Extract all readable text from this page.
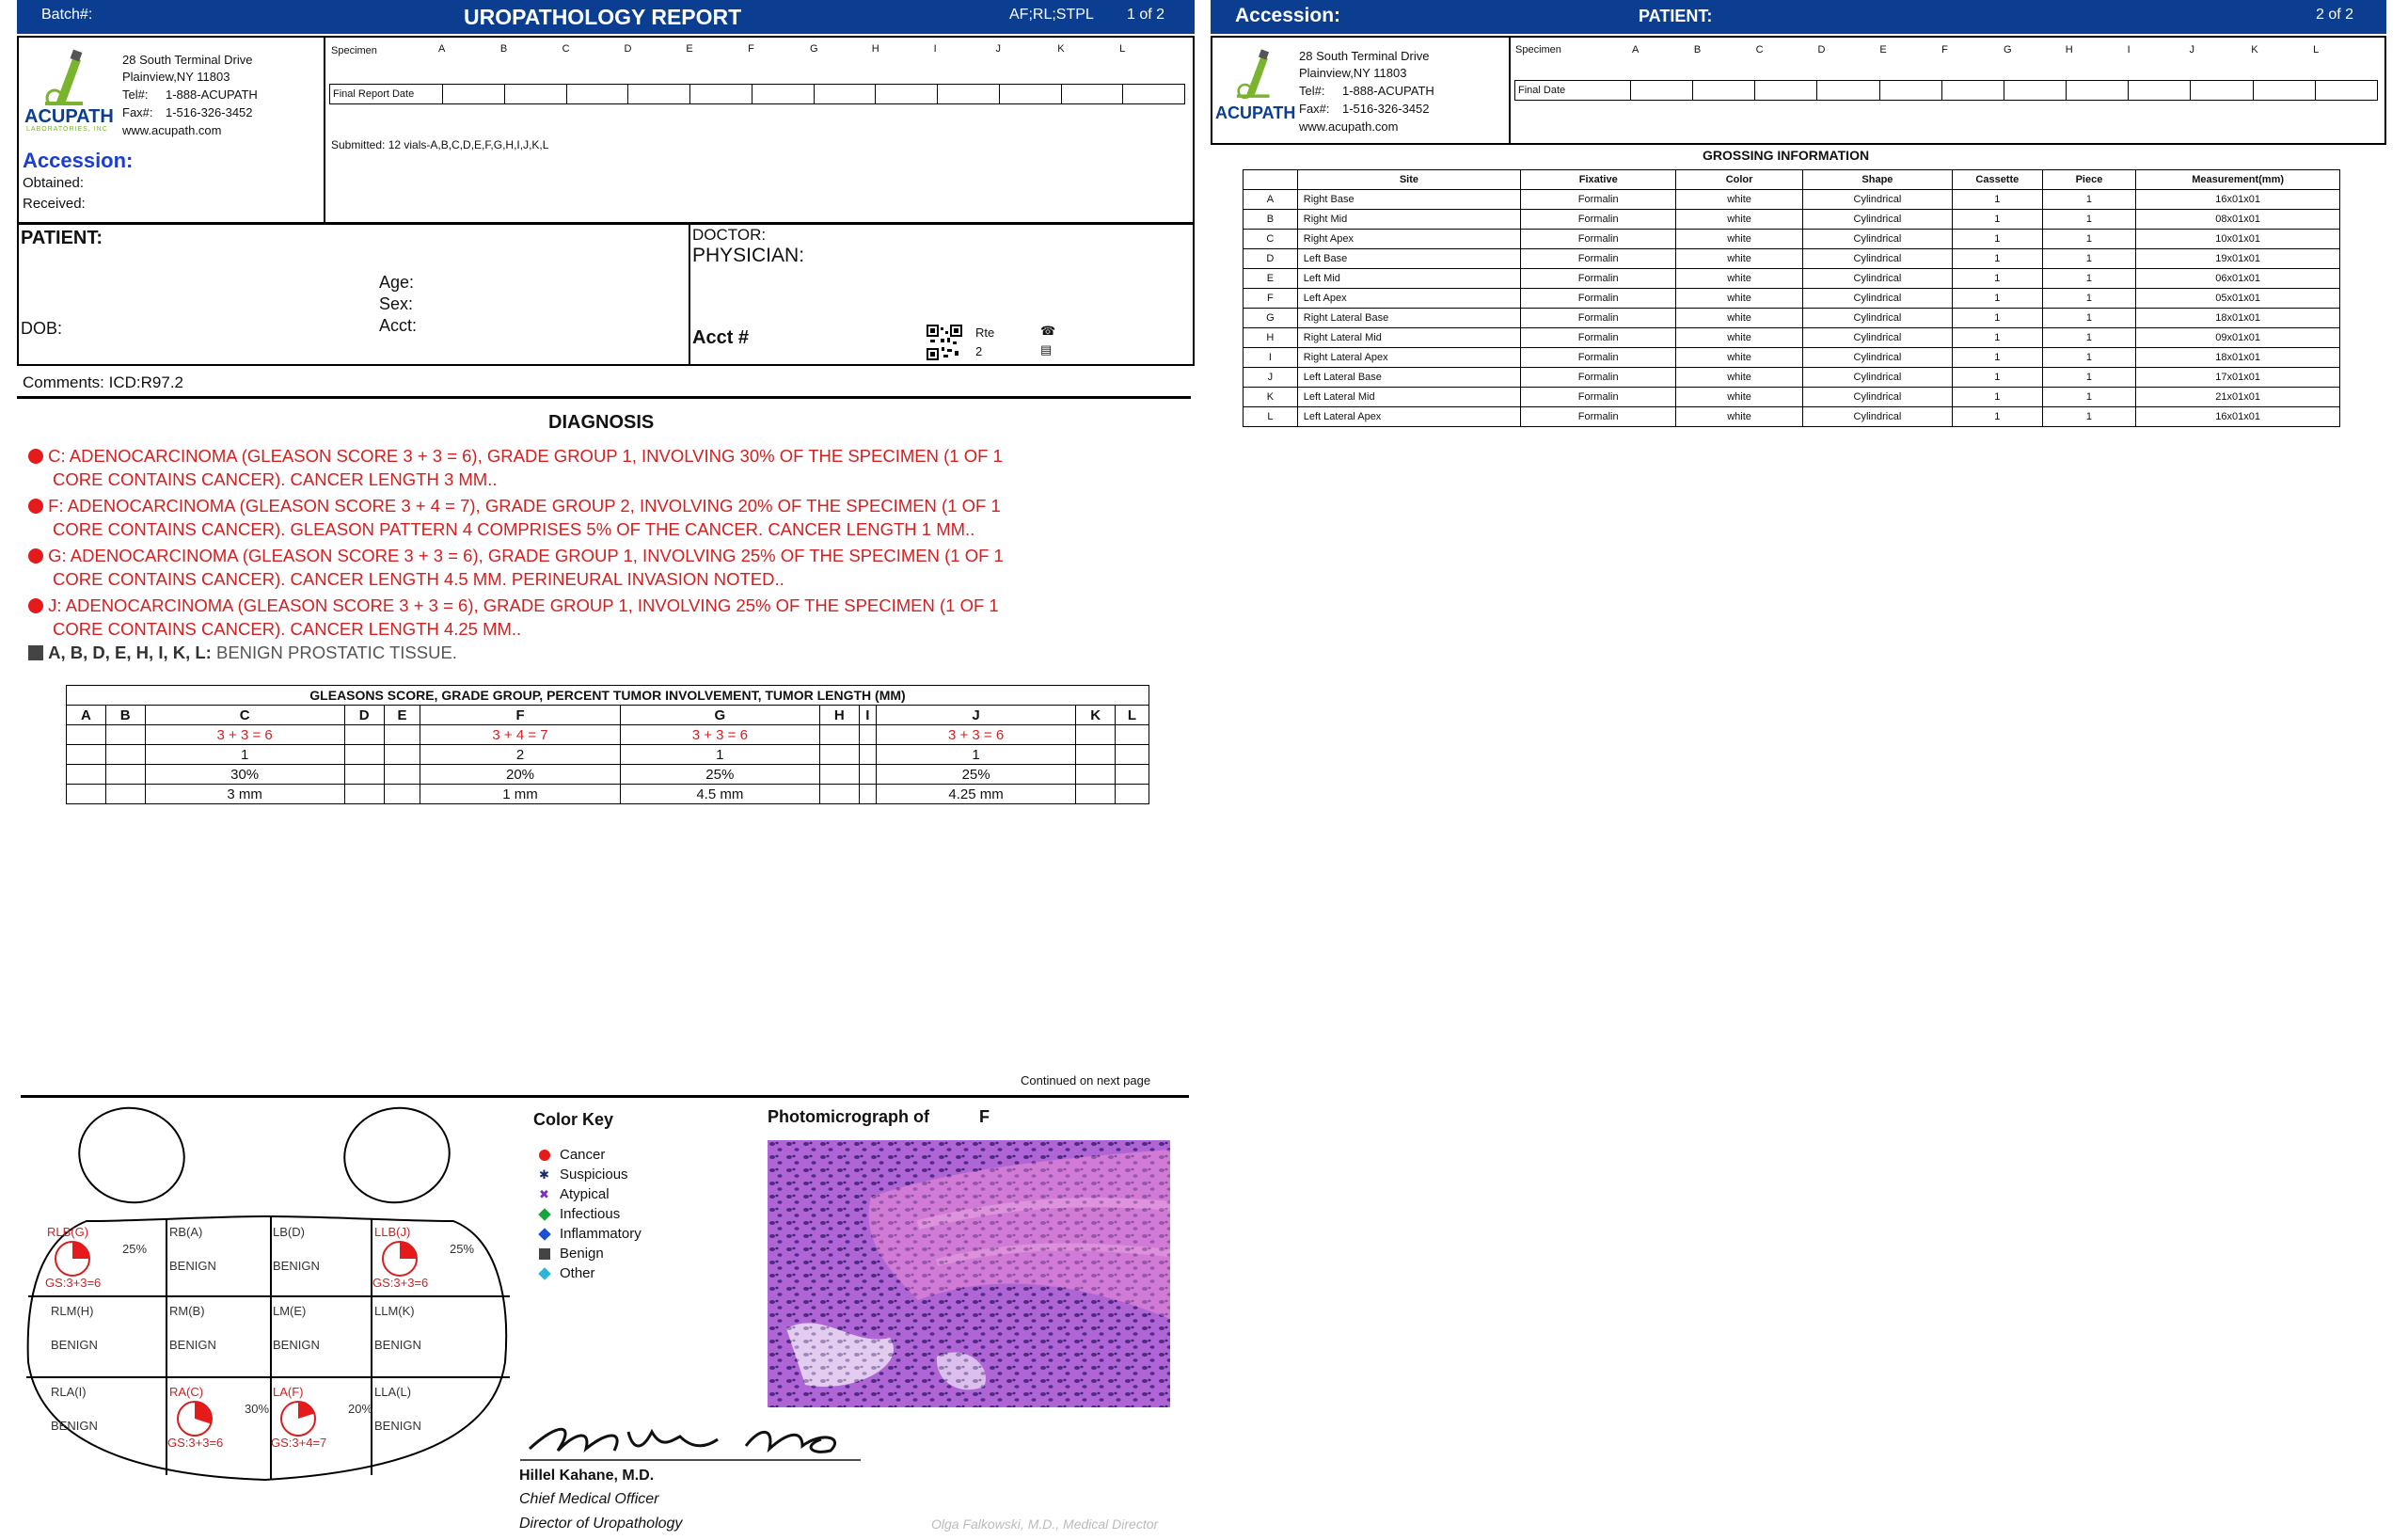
Batch#:	UROPATHOLOGY REPORT	AF;RL;STPL 1 of 2
ACUPATH
LABORATORIES, INC
28 South Terminal Drive
Plainview,NY 11803
Tel#: 1-888-ACUPATH
Fax#: 1-516-326-3452
www.acupath.com
Accession:
Obtained:
Received:
Specimen	A	B	C	D	E	F	G	H	I	J	K	L
Final Report Date												
Submitted: 12 vials-A,B,C,D,E,F,G,H,I,J,K,L
PATIENT:
Age:
Sex:
Acct:
DOB:
DOCTOR:
PHYSICIAN:
Acct #	Rte
2
☎
▤
Comments: ICD:R97.2
DIAGNOSIS
C: ADENOCARCINOMA (GLEASON SCORE 3 + 3 = 6), GRADE GROUP 1, INVOLVING 30% OF THE SPECIMEN (1 OF 1
CORE CONTAINS CANCER). CANCER LENGTH 3 MM..
F: ADENOCARCINOMA (GLEASON SCORE 3 + 4 = 7), GRADE GROUP 2, INVOLVING 20% OF THE SPECIMEN (1 OF 1
CORE CONTAINS CANCER). GLEASON PATTERN 4 COMPRISES 5% OF THE CANCER. CANCER LENGTH 1 MM..
G: ADENOCARCINOMA (GLEASON SCORE 3 + 3 = 6), GRADE GROUP 1, INVOLVING 25% OF THE SPECIMEN (1 OF 1
CORE CONTAINS CANCER). CANCER LENGTH 4.5 MM. PERINEURAL INVASION NOTED..
J: ADENOCARCINOMA (GLEASON SCORE 3 + 3 = 6), GRADE GROUP 1, INVOLVING 25% OF THE SPECIMEN (1 OF 1
CORE CONTAINS CANCER). CANCER LENGTH 4.25 MM..
A, B, D, E, H, I, K, L: BENIGN PROSTATIC TISSUE.
GLEASONS SCORE, GRADE GROUP, PERCENT TUMOR INVOLVEMENT, TUMOR LENGTH (MM)											
A	B	C	D	E	F	G	H	I	J	K	L
		3 + 3 = 6			3 + 4 = 7	3 + 3 = 6			3 + 3 = 6		
		1			2	1			1		
		30%			20%	25%			25%		
		3 mm			1 mm	4.5 mm			4.25 mm		
Continued on next page
RLB(G)
25%
GS:3+3=6
RB(A)
BENIGN
LB(D)
BENIGN
LLB(J)
25%
GS:3+3=6
RLM(H)
BENIGN
RM(B)
BENIGN
LM(E)
BENIGN
LLM(K)
BENIGN
RLA(I)
BENIGN
RA(C)
30%
GS:3+3=6
LA(F)
20%
GS:3+4=7
LLA(L)
BENIGN
Color Key
Cancer
✱ Suspicious
✖ Atypical
Infectious
Inflammatory
Benign
Other
Photomicrograph of	F
Hillel Kahane, M.D.
Chief Medical Officer
Director of Uropathology	Olga Falkowski, M.D., Medical Director
Accession:	PATIENT:	2 of 2
ACUPATH
28 South Terminal Drive
Plainview,NY 11803
Tel#: 1-888-ACUPATH
Fax#: 1-516-326-3452
www.acupath.com
Specimen	A	B	C	D	E	F	G	H	I	J	K	L
Final Date												
GROSSING INFORMATION
	Site	Fixative	Color	Shape	Cassette	Piece	Measurement(mm)
A	Right Base	Formalin	white	Cylindrical	1	1	16x01x01
B	Right Mid	Formalin	white	Cylindrical	1	1	08x01x01
C	Right Apex	Formalin	white	Cylindrical	1	1	10x01x01
D	Left Base	Formalin	white	Cylindrical	1	1	19x01x01
E	Left Mid	Formalin	white	Cylindrical	1	1	06x01x01
F	Left Apex	Formalin	white	Cylindrical	1	1	05x01x01
G	Right Lateral Base	Formalin	white	Cylindrical	1	1	18x01x01
H	Right Lateral Mid	Formalin	white	Cylindrical	1	1	09x01x01
I	Right Lateral Apex	Formalin	white	Cylindrical	1	1	18x01x01
J	Left Lateral Base	Formalin	white	Cylindrical	1	1	17x01x01
K	Left Lateral Mid	Formalin	white	Cylindrical	1	1	21x01x01
L	Left Lateral Apex	Formalin	white	Cylindrical	1	1	16x01x01
